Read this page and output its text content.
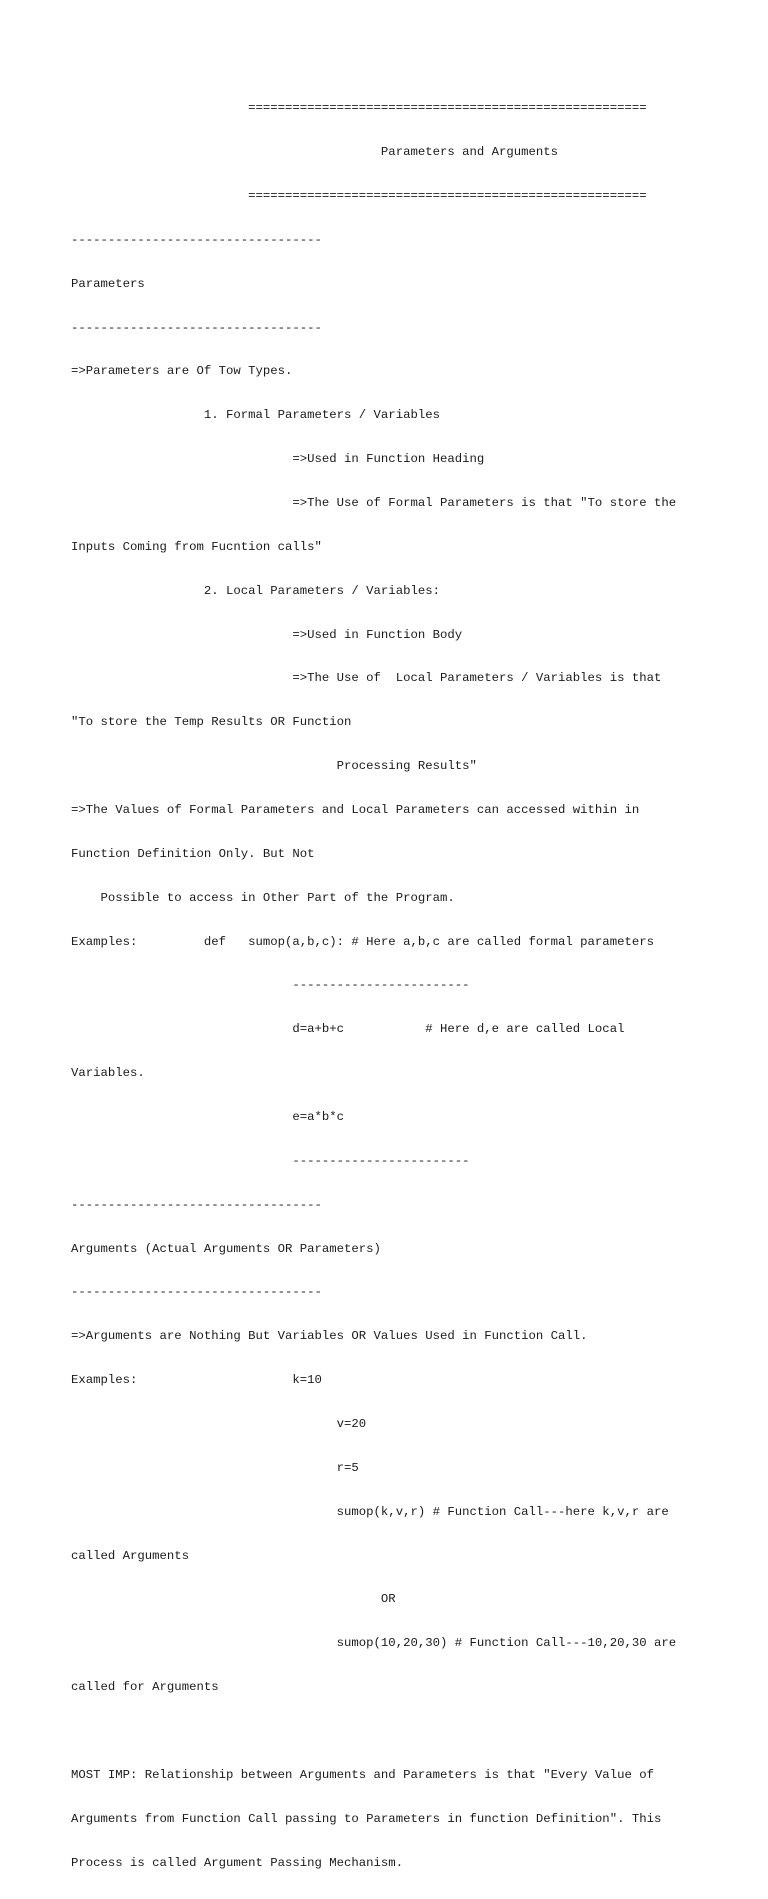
======================================================

Parameters and Arguments

======================================================

----------------------------------

Parameters

----------------------------------

=>Parameters are Of Tow Types.

1. Formal Parameters / Variables

=>Used in Function Heading

=>The Use of Formal Parameters is that "To store the

Inputs Coming from Fucntion calls"

2. Local Parameters / Variables:

=>Used in Function Body

=>The Use of  Local Parameters / Variables is that

"To store the Temp Results OR Function

Processing Results"

=>The Values of Formal Parameters and Local Parameters can accessed within in

Function Definition Only. But Not

Possible to access in Other Part of the Program.

Examples:         def   sumop(a,b,c): # Here a,b,c are called formal parameters

------------------------

d=a+b+c           # Here d,e are called Local

Variables.

e=a*b*c

------------------------

----------------------------------

Arguments (Actual Arguments OR Parameters)

----------------------------------

=>Arguments are Nothing But Variables OR Values Used in Function Call.

Examples:                     k=10

v=20

r=5

sumop(k,v,r) # Function Call---here k,v,r are

called Arguments

OR

sumop(10,20,30) # Function Call---10,20,30 are

called for Arguments

MOST IMP: Relationship between Arguments and Parameters is that "Every Value of

Arguments from Function Call passing to Parameters in function Definition". This

Process is called Argument Passing Mechanism.
